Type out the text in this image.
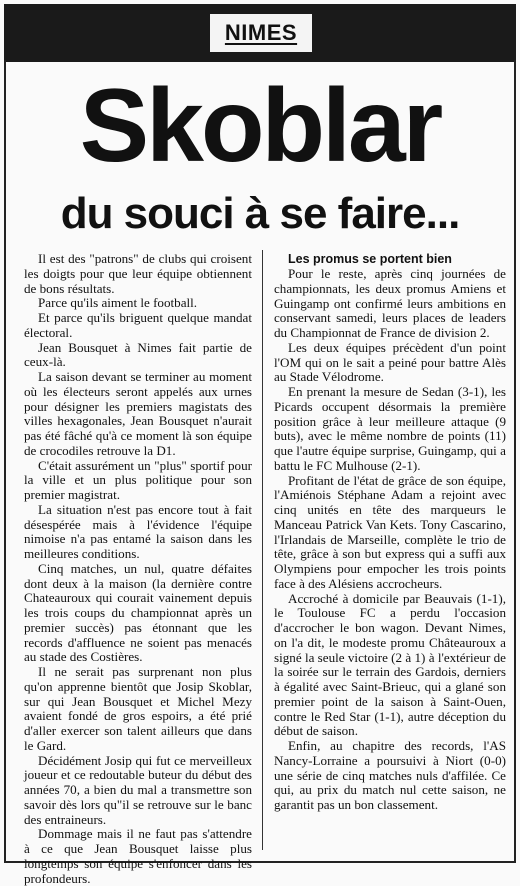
NIMES
Skoblar
du souci à se faire...

Il est des "patrons" de clubs qui croisent les doigts pour que leur équipe obtiennent de bons résultats.

Parce qu'ils aiment le football.

Et parce qu'ils briguent quelque mandat électoral.

Jean Bousquet à Nimes fait partie de ceux-là.

La saison devant se terminer au moment où les électeurs seront appelés aux urnes pour désigner les premiers magistats des villes hexagonales, Jean Bousquet n'aurait pas été fâché qu'à ce moment là son équipe de crocodiles retrouve la D1.

C'était assurément un "plus" sportif pour la ville et un plus politique pour son premier magistrat.

La situation n'est pas encore tout à fait désespérée mais à l'évidence l'équipe nimoise n'a pas entamé la saison dans les meilleures conditions.

Cinq matches, un nul, quatre défaites dont deux à la maison (la dernière contre Chateauroux qui courait vainement depuis les trois coups du championnat après un premier succès) pas étonnant que les records d'affluence ne soient pas menacés au stade des Costières.

Il ne serait pas surprenant non plus qu'on apprenne bientôt que Josip Skoblar, sur qui Jean Bousquet et Michel Mezy avaient fondé de gros espoirs, a été prié d'aller exercer son talent ailleurs que dans le Gard.

Décidément Josip qui fut ce merveilleux joueur et ce redoutable buteur du début des années 70, a bien du mal a transmettre son savoir dès lors qu"il se retrouve sur le banc des entraineurs.

Dommage mais il ne faut pas s'attendre à ce que Jean Bousquet laisse plus longtemps son équipe s'enfoncer dans les profondeurs.

Les promus se portent bien

Pour le reste, après cinq journées de championnats, les deux promus Amiens et Guingamp ont confirmé leurs ambitions en conservant samedi, leurs places de leaders du Championnat de France de division 2.

Les deux équipes précèdent d'un point l'OM qui on le sait a peiné pour battre Alès au Stade Vélodrome.

En prenant la mesure de Sedan (3-1), les Picards occupent désormais la première position grâce à leur meilleure attaque (9 buts), avec le même nombre de points (11) que l'autre équipe surprise, Guingamp, qui a battu le FC Mulhouse (2-1).

Profitant de l'état de grâce de son équipe, l'Amiénois Stéphane Adam a rejoint avec cinq unités en tête des marqueurs le Manceau Patrick Van Kets. Tony Cascarino, l'Irlandais de Marseille, complète le trio de tête, grâce à son but express qui a suffi aux Olympiens pour empocher les trois points face à des Alésiens accrocheurs.

Accroché à domicile par Beauvais (1-1), le Toulouse FC a perdu l'occasion d'accrocher le bon wagon. Devant Nimes, on l'a dit, le modeste promu Châteauroux a signé la seule victoire (2 à 1) à l'extérieur de la soirée sur le terrain des Gardois, derniers à égalité avec Saint-Brieuc, qui a glané son premier point de la saison à Saint-Ouen, contre le Red Star (1-1), autre déception du début de saison.

Enfin, au chapitre des records, l'AS Nancy-Lorraine a poursuivi à Niort (0-0) une série de cinq matches nuls d'affilée. Ce qui, au prix du match nul cette saison, ne garantit pas un bon classement.
